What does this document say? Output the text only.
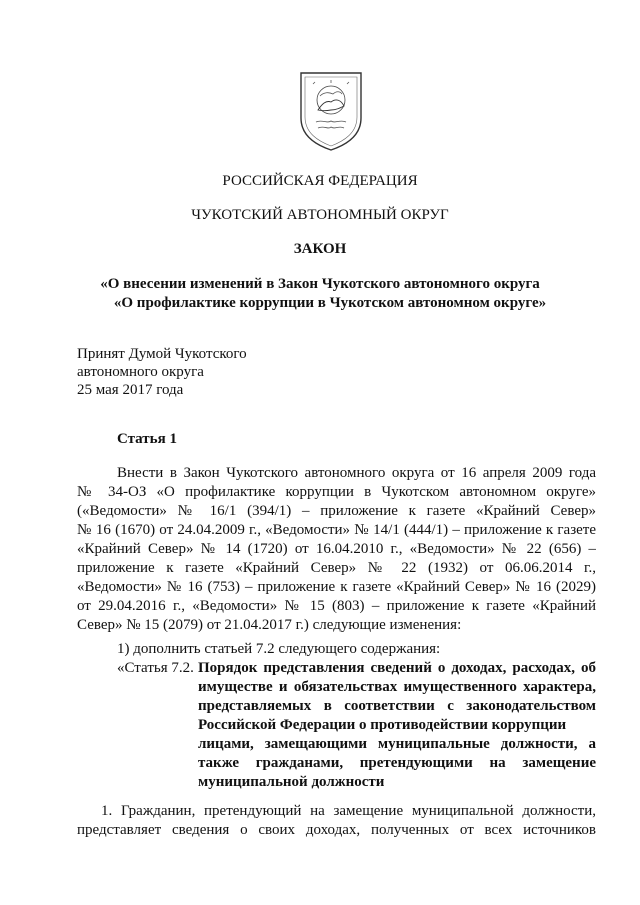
РОССИЙСКАЯ ФЕДЕРАЦИЯ
ЧУКОТСКИЙ АВТОНОМНЫЙ ОКРУГ
ЗАКОН
«О внесении изменений в Закон Чукотского автономного округа
«О профилактике коррупции в Чукотском автономном округе»
Принят Думой Чукотского
автономного округа
25 мая 2017 года
Статья 1
Внести в Закон Чукотского автономного округа от 16 апреля 2009 года
№ 34-ОЗ «О профилактике коррупции в Чукотском автономном округе»
(«Ведомости» № 16/1 (394/1) – приложение к газете «Крайний Север»
№ 16 (1670) от 24.04.2009 г., «Ведомости» № 14/1 (444/1) – приложение к газете
«Крайний Север» № 14 (1720) от 16.04.2010 г., «Ведомости» № 22 (656) –
приложение к газете «Крайний Север» № 22 (1932) от 06.06.2014 г.,
«Ведомости» № 16 (753) – приложение к газете «Крайний Север» № 16 (2029)
от 29.04.2016 г., «Ведомости» № 15 (803) – приложение к газете «Крайний
Север» № 15 (2079) от 21.04.2017 г.) следующие изменения:
1) дополнить статьей 7.2 следующего содержания:
«Статья 7.2. Порядок представления сведений о доходах, расходах, об
имуществе и обязательствах имущественного характера,
представляемых в соответствии с законодательством
Российской Федерации о противодействии коррупции
лицами, замещающими муниципальные должности, а
также гражданами, претендующими на замещение
муниципальной должности
1. Гражданин, претендующий на замещение муниципальной должности,
представляет сведения о своих доходах, полученных от всех источников
